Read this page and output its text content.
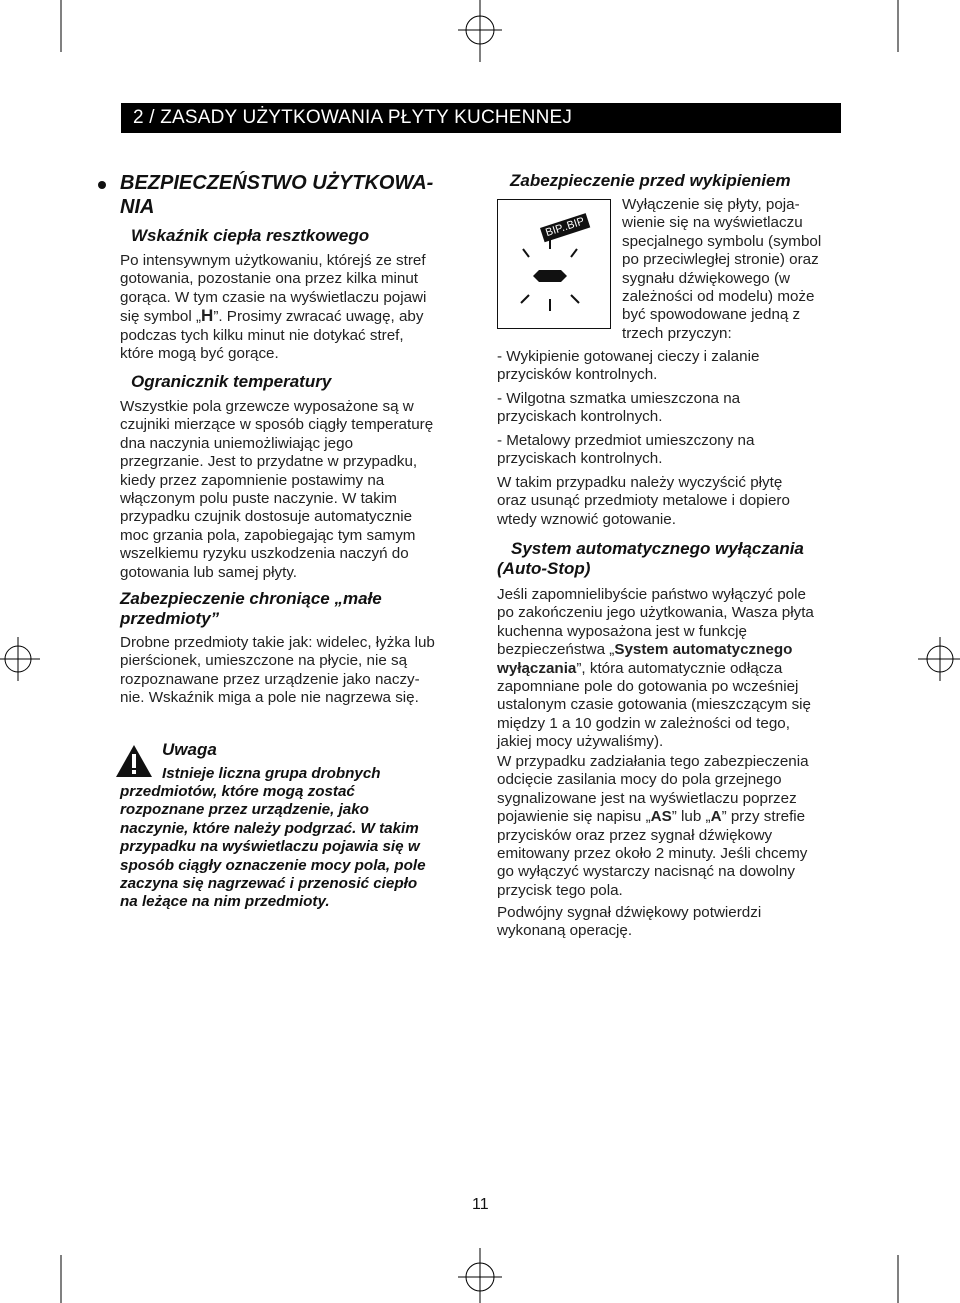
2 / ZASADY UŻYTKOWANIA PŁYTY KUCHENNEJ
BEZPIECZEŃSTWO UŻYTKOWA-
NIA
Wskaźnik ciepła resztkowego
Po intensywnym użytkowaniu, którejś ze stref
gotowania, pozostanie ona przez kilka minut
gorąca. W tym czasie na wyświetlaczu pojawi
się symbol „H”. Prosimy zwracać uwagę, aby
podczas tych kilku minut nie dotykać stref,
które mogą być gorące.
Ogranicznik temperatury
Wszystkie pola grzewcze wyposażone są w
czujniki mierzące w sposób ciągły temperaturę
dna naczynia uniemożliwiając jego
przegrzanie. Jest to przydatne w przypadku,
kiedy przez zapomnienie postawimy na
włączonym polu puste naczynie. W takim
przypadku czujnik dostosuje automatycznie
moc grzania pola, zapobiegając tym samym
wszelkiemu ryzyku uszkodzenia naczyń do
gotowania lub samej płyty.
Zabezpieczenie chroniące „małe
przedmioty”
Drobne przedmioty takie jak: widelec, łyżka lub
pierścionek, umieszczone na płycie, nie są
rozpoznawane przez urządzenie jako naczy-
nie. Wskaźnik miga a pole nie nagrzewa się.
Uwaga
Istnieje liczna grupa drobnych
przedmiotów, które mogą zostać
rozpoznane przez urządzenie, jako
naczynie, które należy podgrzać. W takim
przypadku na wyświetlaczu pojawia się w
sposób ciągły oznaczenie mocy pola, pole
zaczyna się nagrzewać i przenosić ciepło
na leżące na nim przedmioty.
Zabezpieczenie przed wykipieniem
BIP..BIP
Wyłączenie się płyty, poja-
wienie się na wyświetlaczu
specjalnego symbolu (symbol
po przeciwległej stronie) oraz
sygnału dźwiękowego (w
zależności od modelu) może
być spowodowane jedną z
trzech przyczyn:
- Wykipienie gotowanej cieczy i zalanie
przycisków kontrolnych.
- Wilgotna szmatka umieszczona na
przyciskach kontrolnych.
- Metalowy przedmiot umieszczony na
przyciskach kontrolnych.
W takim przypadku należy wyczyścić płytę
oraz usunąć przedmioty metalowe i dopiero
wtedy wznowić gotowanie.
System automatycznego wyłączania
(Auto-Stop)
Jeśli zapomnielibyście państwo wyłączyć pole
po zakończeniu jego użytkowania, Wasza płyta
kuchenna wyposażona jest w funkcję
bezpieczeństwa „System automatycznego
wyłączania”, która automatycznie odłącza
zapomniane pole do gotowania po wcześniej
ustalonym czasie gotowania (mieszczącym się
między 1 a 10 godzin w zależności od tego,
jakiej mocy używaliśmy).
W przypadku zadziałania tego zabezpieczenia
odcięcie zasilania mocy do pola grzejnego
sygnalizowane jest na wyświetlaczu poprzez
pojawienie się napisu „AS” lub „A” przy strefie
przycisków oraz przez sygnał dźwiękowy
emitowany przez około 2 minuty. Jeśli chcemy
go wyłączyć wystarczy nacisnąć na dowolny
przycisk tego pola.
Podwójny sygnał dźwiękowy potwierdzi
wykonaną operację.
11
